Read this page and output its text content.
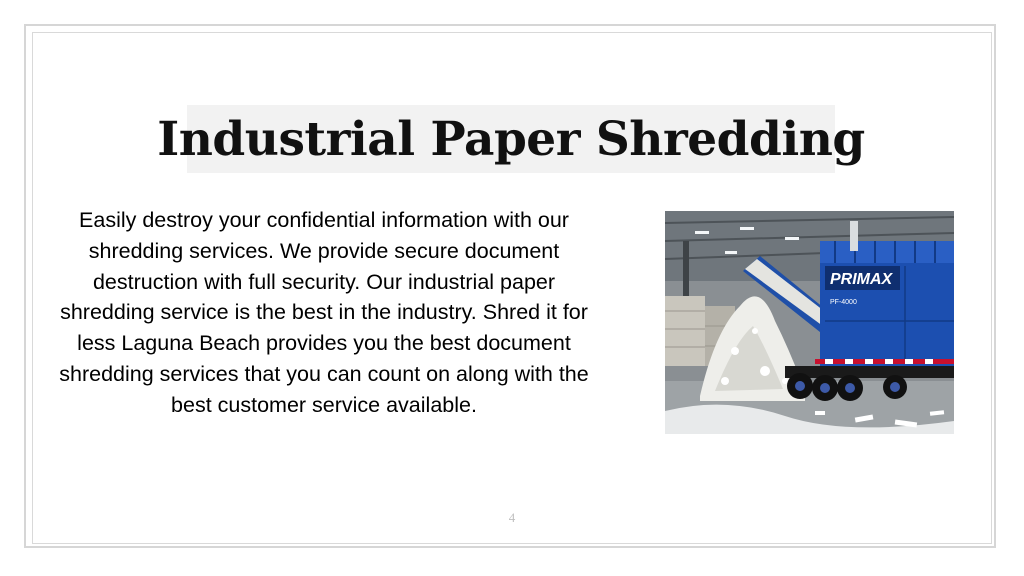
Industrial Paper Shredding

Easily destroy your confidential information with our shredding services. We provide secure document destruction with full security. Our industrial paper shredding service is the best in the industry. Shred it for less Laguna Beach provides you the best document shredding services that you can count on along with the best customer service available.

PRIMAX
PF-4000
4
